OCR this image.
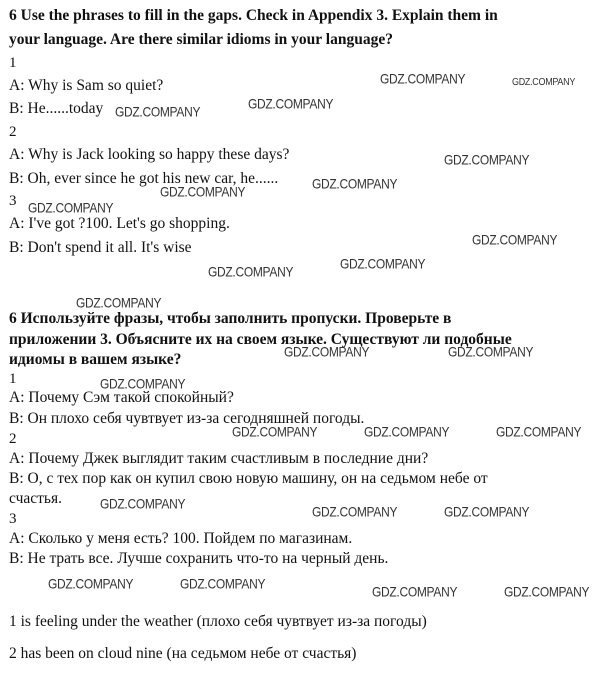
6 Use the phrases to fill in the gaps. Check in Appendix 3. Explain them in
your language. Are there similar idioms in your language?
1
A: Why is Sam so quiet?
B: He......today
2
A: Why is Jack looking so happy these days?
B: Oh, ever since he got his new car, he......
3
A: I've got ?100. Let's go shopping.
B: Don't spend it all. It's wise
6 Используйте фразы, чтобы заполнить пропуски. Проверьте в
приложении 3. Объясните их на своем языке. Существуют ли подобные
идиомы в вашем языке?
1
А: Почему Сэм такой спокойный?
В: Он плохо себя чувтвует из-за сегодняшней погоды.
2
А: Почему Джек выглядит таким счастливым в последние дни?
В: О, с тех пор как он купил свою новую машину, он на седьмом небе от
счастья.
3
А: Сколько у меня есть? 100. Пойдем по магазинам.
В: Не трать все. Лучше сохранить что-то на черный день.
1 is feeling under the weather (плохо себя чувтвует из-за погоды)
2 has been on cloud nine (на седьмом небе от счастья)
GDZ.COMPANY	GDZ.COMPANY
GDZ.COMPANY
GDZ.COMPANY
GDZ.COMPANY
GDZ.COMPANY
GDZ.COMPANY
GDZ.COMPANY
GDZ.COMPANY
GDZ.COMPANY
GDZ.COMPANY
GDZ.COMPANY
GDZ.COMPANY	GDZ.COMPANY
GDZ.COMPANY
GDZ.COMPANY	GDZ.COMPANY	GDZ.COMPANY
GDZ.COMPANY	GDZ.COMPANY	GDZ.COMPANY
GDZ.COMPANY	GDZ.COMPANY	GDZ.COMPANY	GDZ.COMPANY
